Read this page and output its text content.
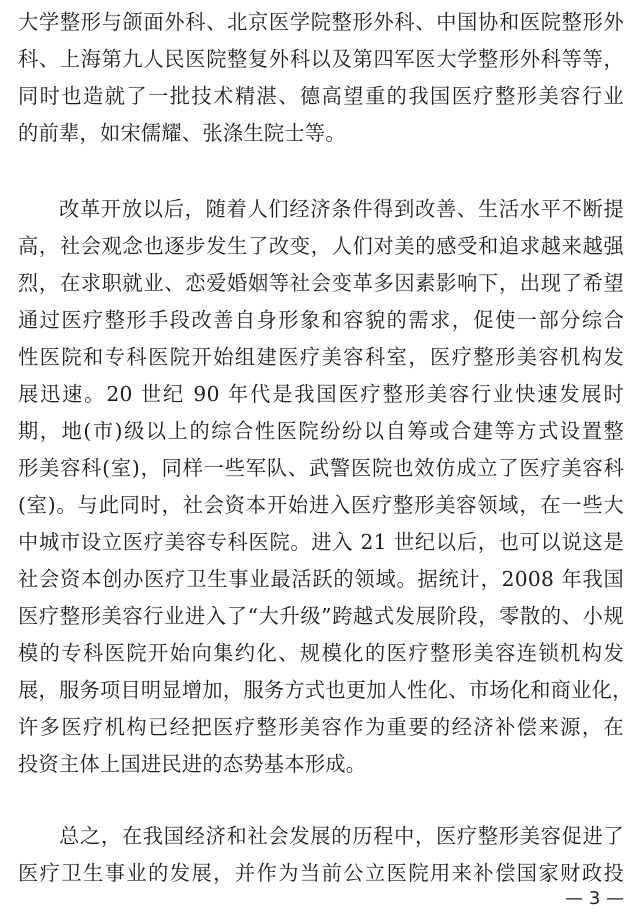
大学整形与颌面外科、北京医学院整形外科、中国协和医院整形外
科、上海第九人民医院整复外科以及第四军医大学整形外科等等，
同时也造就了一批技术精湛、德高望重的我国医疗整形美容行业
的前辈，如宋儒耀、张涤生院士等。
改革开放以后，随着人们经济条件得到改善、生活水平不断提
高，社会观念也逐步发生了改变，人们对美的感受和追求越来越强
烈，在求职就业、恋爱婚姻等社会变革多因素影响下，出现了希望
通过医疗整形手段改善自身形象和容貌的需求，促使一部分综合
性医院和专科医院开始组建医疗美容科室，医疗整形美容机构发
展迅速。20 世纪 90 年代是我国医疗整形美容行业快速发展时
期，地(市)级以上的综合性医院纷纷以自筹或合建等方式设置整
形美容科(室)，同样一些军队、武警医院也效仿成立了医疗美容科
(室)。与此同时，社会资本开始进入医疗整形美容领域，在一些大
中城市设立医疗美容专科医院。进入 21 世纪以后，也可以说这是
社会资本创办医疗卫生事业最活跃的领域。据统计，2008 年我国
医疗整形美容行业进入了“大升级”跨越式发展阶段，零散的、小规
模的专科医院开始向集约化、规模化的医疗整形美容连锁机构发
展，服务项目明显增加，服务方式也更加人性化、市场化和商业化，
许多医疗机构已经把医疗整形美容作为重要的经济补偿来源，在
投资主体上国进民进的态势基本形成。
总之，在我国经济和社会发展的历程中，医疗整形美容促进了
医疗卫生事业的发展，并作为当前公立医院用来补偿国家财政投
— 3 —
